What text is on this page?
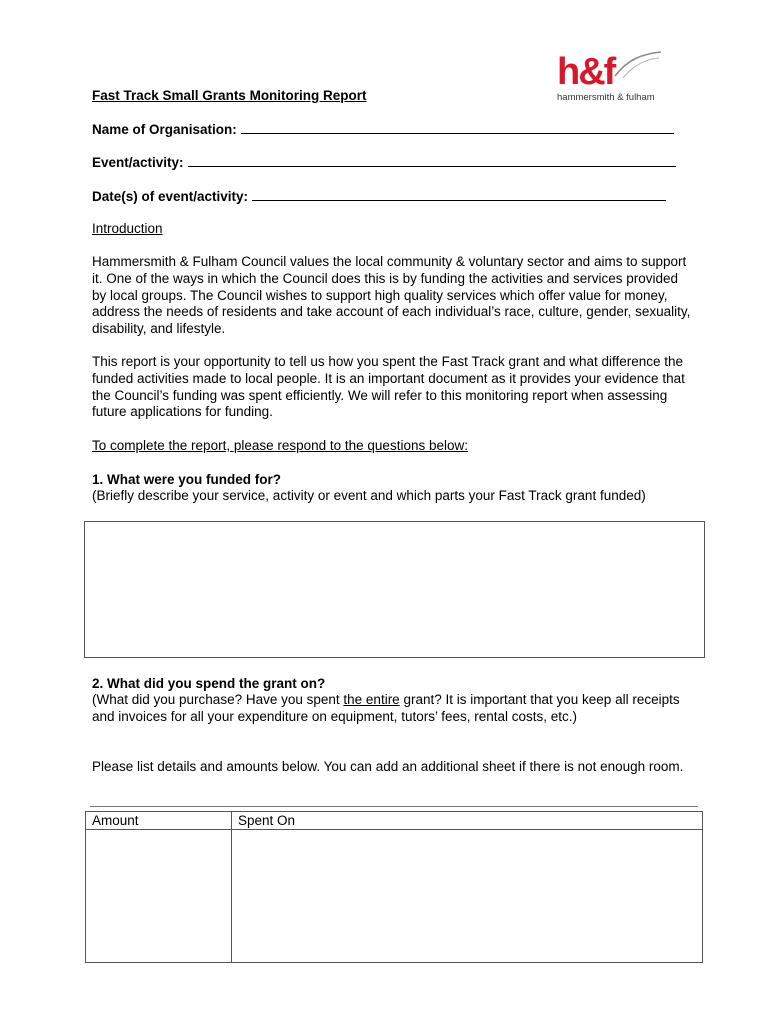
h&f
hammersmith & fulham
Fast Track Small Grants Monitoring Report
Name of Organisation:
Event/activity:
Date(s) of event/activity:
Introduction
Hammersmith & Fulham Council values the local community & voluntary sector and aims to support it. One of the ways in which the Council does this is by funding the activities and services provided by local groups. The Council wishes to support high quality services which offer value for money, address the needs of residents and take account of each individual’s race, culture, gender, sexuality, disability, and lifestyle.
This report is your opportunity to tell us how you spent the Fast Track grant and what difference the funded activities made to local people. It is an important document as it provides your evidence that the Council’s funding was spent efficiently. We will refer to this monitoring report when assessing future applications for funding.
To complete the report, please respond to the questions below:
1. What were you funded for?
(Briefly describe your service, activity or event and which parts your Fast Track grant funded)
2. What did you spend the grant on?
(What did you purchase? Have you spent the entire grant? It is important that you keep all receipts and invoices for all your expenditure on equipment, tutors’ fees, rental costs, etc.)
Please list details and amounts below. You can add an additional sheet if there is not enough room.
Amount	Spent On
